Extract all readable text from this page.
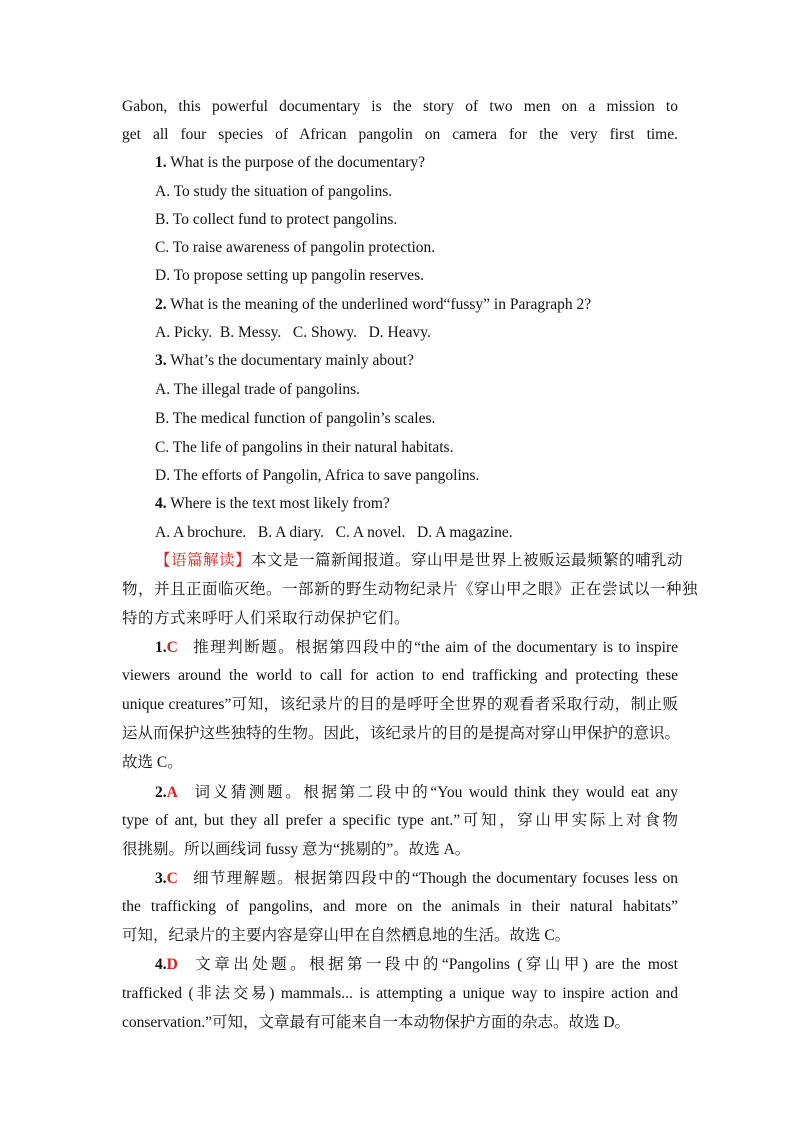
Gabon, this powerful documentary is the story of two men on a mission to
get all four species of African pangolin on camera for the very first time.
1. What is the purpose of the documentary?
A. To study the situation of pangolins.
B. To collect fund to protect pangolins.
C. To raise awareness of pangolin protection.
D. To propose setting up pangolin reserves.
2. What is the meaning of the underlined word“fussy” in Paragraph 2?
A. Picky.  B. Messy.   C. Showy.   D. Heavy.
3. What’s the documentary mainly about?
A. The illegal trade of pangolins.
B. The medical function of pangolin’s scales.
C. The life of pangolins in their natural habitats.
D. The efforts of Pangolin, Africa to save pangolins.
4. Where is the text most likely from?
A. A brochure.   B. A diary.   C. A novel.   D. A magazine.
【语篇解读】本文是一篇新闻报道。穿山甲是世界上被贩运最频繁的哺乳动
物，并且正面临灭绝。一部新的野生动物纪录片《穿山甲之眼》正在尝试以一种独
特的方式来呼吁人们采取行动保护它们。
1.C 推理判断题。根据第四段中的“the aim of the documentary is to inspire
viewers around the world to call for action to end trafficking and protecting these
unique creatures”可知，该纪录片的目的是呼吁全世界的观看者采取行动，制止贩
运从而保护这些独特的生物。因此，该纪录片的目的是提高对穿山甲保护的意识。
故选 C。
2.A 词义猜测题。根据第二段中的“You would think they would eat any
type of ant, but they all prefer a specific type ant.”可知，穿山甲实际上对食物
很挑剔。所以画线词 fussy 意为“挑剔的”。故选 A。
3.C 细节理解题。根据第四段中的“Though the documentary focuses less on
the trafficking of pangolins, and more on the animals in their natural habitats”
可知，纪录片的主要内容是穿山甲在自然栖息地的生活。故选 C。
4.D 文章出处题。根据第一段中的“Pangolins (穿山甲) are the most
trafficked (非法交易) mammals... is attempting a unique way to inspire action and
conservation.”可知，文章最有可能来自一本动物保护方面的杂志。故选 D。
